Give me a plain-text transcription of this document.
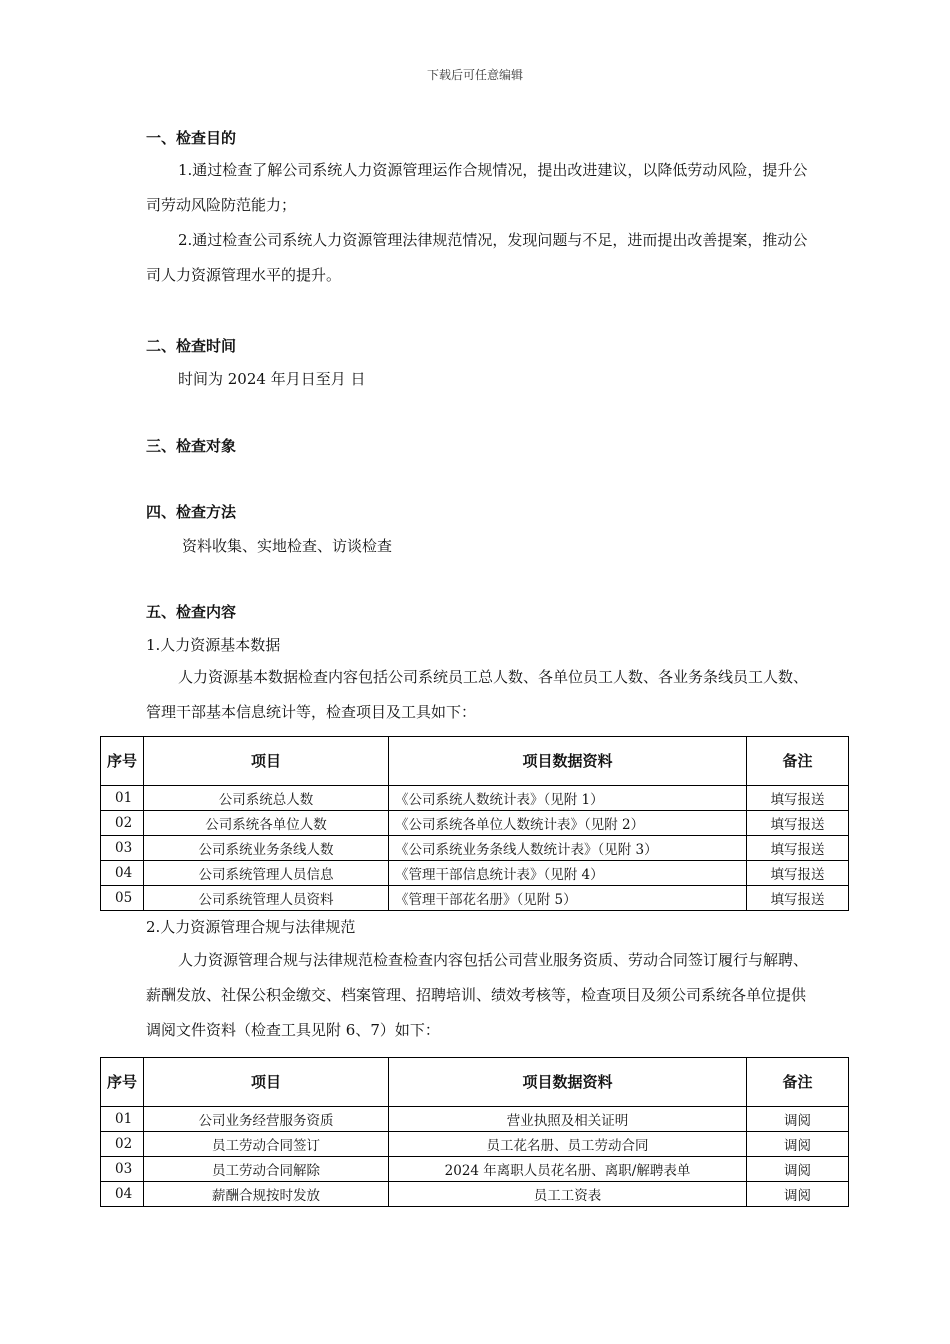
下载后可任意编辑
一、检查目的

1.通过检查了解公司系统人力资源管理运作合规情况，提出改进建议，以降低劳动风险，提升公司劳动风险防范能力；

2.通过检查公司系统人力资源管理法律规范情况，发现问题与不足，进而提出改善提案，推动公司人力资源管理水平的提升。

二、检查时间
时间为 2024 年月日至月 日
三、检查对象
四、检查方法
资料收集、实地检查、访谈检查
五、检查内容
1.人力资源基本数据

人力资源基本数据检查内容包括公司系统员工总人数、各单位员工人数、各业务条线员工人数、管理干部基本信息统计等，检查项目及工具如下：

序号	项目	项目数据资料	备注
01	公司系统总人数	《公司系统人数统计表》（见附 1）	填写报送
02	公司系统各单位人数	《公司系统各单位人数统计表》（见附 2）	填写报送
03	公司系统业务条线人数	《公司系统业务条线人数统计表》（见附 3）	填写报送
04	公司系统管理人员信息	《管理干部信息统计表》（见附 4）	填写报送
05	公司系统管理人员资料	《管理干部花名册》（见附 5）	填写报送
2.人力资源管理合规与法律规范

人力资源管理合规与法律规范检查检查内容包括公司营业服务资质、劳动合同签订履行与解聘、薪酬发放、社保公积金缴交、档案管理、招聘培训、绩效考核等，检查项目及须公司系统各单位提供调阅文件资料（检查工具见附 6、7）如下：

序号	项目	项目数据资料	备注
01	公司业务经营服务资质	营业执照及相关证明	调阅
02	员工劳动合同签订	员工花名册、员工劳动合同	调阅
03	员工劳动合同解除	2024 年离职人员花名册、离职/解聘表单	调阅
04	薪酬合规按时发放	员工工资表	调阅
